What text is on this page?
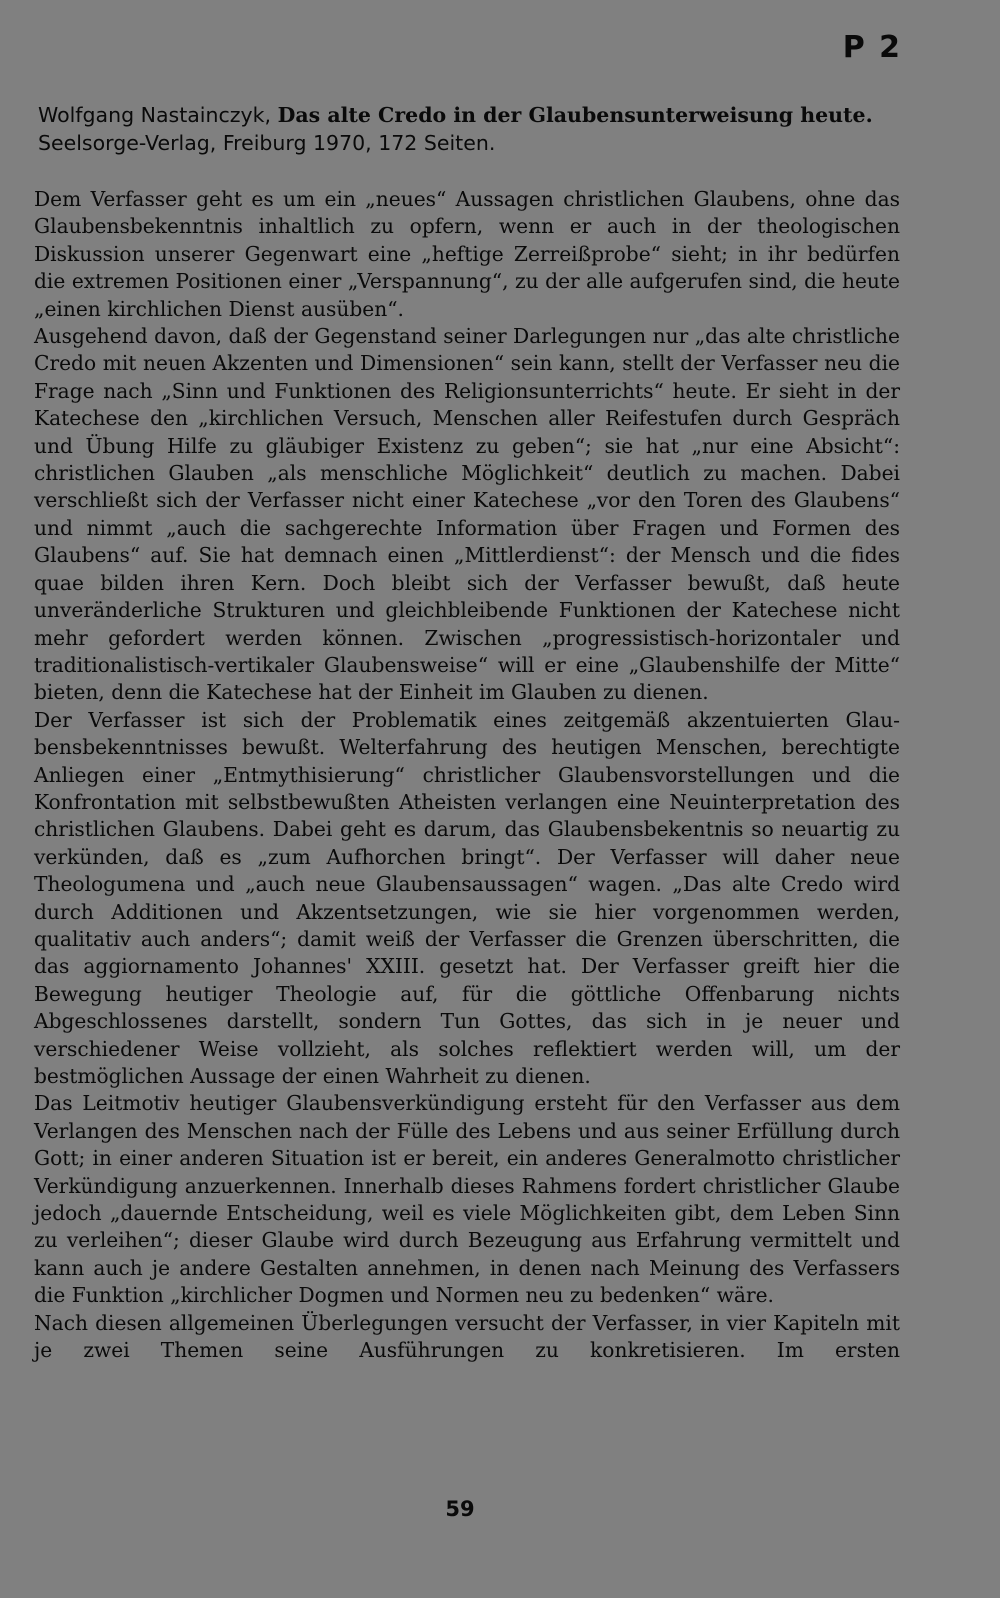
P 2
Wolfgang Nastainczyk, Das alte Credo in der Glaubensunterweisung heute.
Seelsorge-Verlag, Freiburg 1970, 172 Seiten.

Dem Verfasser geht es um ein „neues“ Aussagen christlichen Glaubens, ohne das Glaubensbekenntnis inhaltlich zu opfern, wenn er auch in der theologischen Diskussion unserer Gegenwart eine „heftige Zerreißprobe“ sieht; in ihr bedürfen die extremen Positionen einer „Verspannung“, zu der alle aufgerufen sind, die heute „einen kirchlichen Dienst ausüben“.

Ausgehend davon, daß der Gegenstand seiner Darlegungen nur „das alte christliche Credo mit neuen Akzenten und Dimensionen“ sein kann, stellt der Verfasser neu die Frage nach „Sinn und Funktionen des Religionsunterrichts“ heute. Er sieht in der Katechese den „kirchlichen Versuch, Menschen aller Reifestufen durch Gespräch und Übung Hilfe zu gläubiger Existenz zu geben“; sie hat „nur eine Absicht“: christlichen Glauben „als menschliche Möglichkeit“ deutlich zu machen. Dabei verschließt sich der Verfasser nicht einer Katechese „vor den Toren des Glaubens“ und nimmt „auch die sachgerechte Information über Fragen und Formen des Glaubens“ auf. Sie hat demnach einen „Mittlerdienst“: der Mensch und die fides quae bilden ihren Kern. Doch bleibt sich der Verfasser bewußt, daß heute unveränderliche Strukturen und gleichbleibende Funktionen der Katechese nicht mehr gefordert werden können. Zwischen „progressistisch-horizontaler und traditionalistisch-vertikaler Glaubensweise“ will er eine „Glaubenshilfe der Mitte“ bieten, denn die Katechese hat der Einheit im Glauben zu dienen.

Der Verfasser ist sich der Problematik eines zeitgemäß akzentuierten Glaubensbekenntnisses bewußt. Welterfahrung des heutigen Menschen, berechtigte Anliegen einer „Entmythisierung“ christlicher Glaubensvorstellungen und die Konfrontation mit selbstbewußten Atheisten verlangen eine Neuinterpretation des christlichen Glaubens. Dabei geht es darum, das Glaubensbekentnis so neuartig zu verkünden, daß es „zum Aufhorchen bringt“. Der Verfasser will daher neue Theologumena und „auch neue Glaubensaussagen“ wagen. „Das alte Credo wird durch Additionen und Akzentsetzungen, wie sie hier vorgenommen werden, qualitativ auch anders“; damit weiß der Verfasser die Grenzen überschritten, die das aggiornamento Johannes' XXIII. gesetzt hat. Der Verfasser greift hier die Bewegung heutiger Theologie auf, für die göttliche Offenbarung nichts Abgeschlossenes darstellt, sondern Tun Gottes, das sich in je neuer und verschiedener Weise vollzieht, als solches reflektiert werden will, um der bestmöglichen Aussage der einen Wahrheit zu dienen.

Das Leitmotiv heutiger Glaubensverkündigung ersteht für den Verfasser aus dem Verlangen des Menschen nach der Fülle des Lebens und aus seiner Erfüllung durch Gott; in einer anderen Situation ist er bereit, ein anderes Generalmotto christlicher Verkündigung anzuerkennen. Innerhalb dieses Rahmens fordert christlicher Glaube jedoch „dauernde Entscheidung, weil es viele Möglichkeiten gibt, dem Leben Sinn zu verleihen“; dieser Glaube wird durch Bezeugung aus Erfahrung vermittelt und kann auch je andere Gestalten annehmen, in denen nach Meinung des Verfassers die Funktion „kirchlicher Dogmen und Normen neu zu bedenken“ wäre.

Nach diesen allgemeinen Überlegungen versucht der Verfasser, in vier Kapiteln mit je zwei Themen seine Ausführungen zu konkretisieren. Im ersten

59
